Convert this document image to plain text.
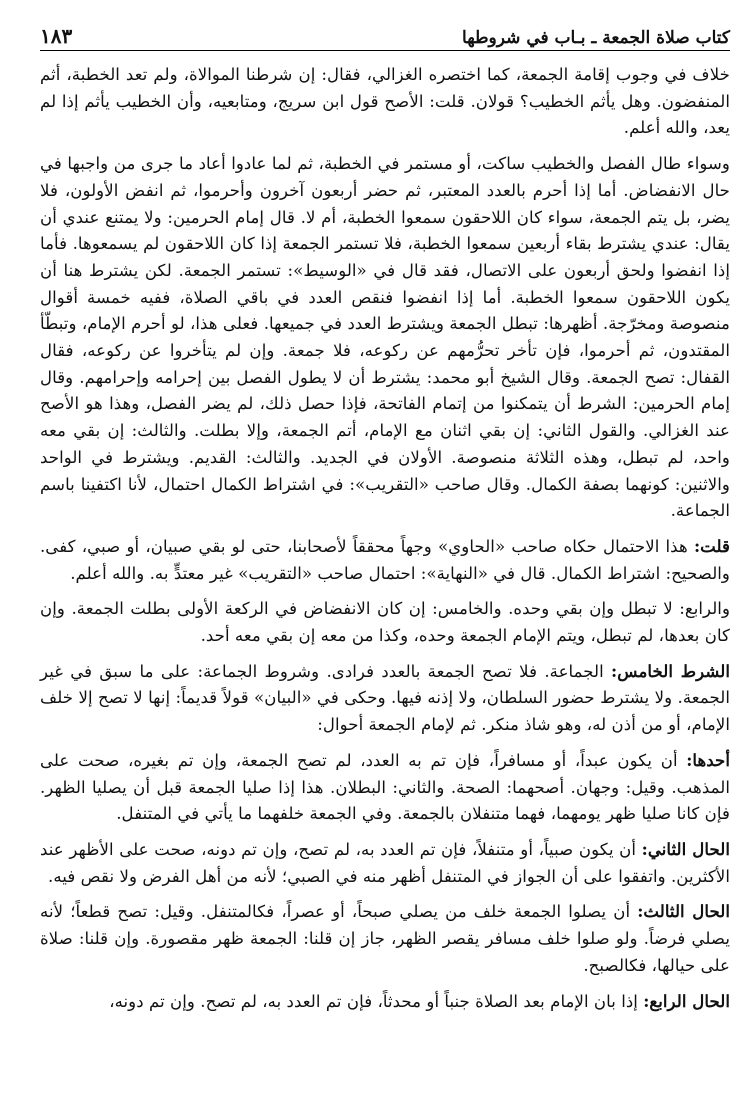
كتاب صلاة الجمعة ـ بـاب في شروطها
١٨٣

خلاف في وجوب إقامة الجمعة، كما اختصره الغزالي، فقال: إن شرطنا الموالاة، ولم تعد الخطبة، أثم المنفضون. وهل يأثم الخطيب؟ قولان. قلت: الأصح قول ابن سريج، ومتابعيه، وأن الخطيب يأثم إذا لم يعد، والله أعلم.

وسواء طال الفصل والخطيب ساكت، أو مستمر في الخطبة، ثم لما عادوا أعاد ما جرى من واجبها في حال الانفضاض. أما إذا أحرم بالعدد المعتبر، ثم حضر أربعون آخرون وأحرموا، ثم انفض الأولون، فلا يضر، بل يتم الجمعة، سواء كان اللاحقون سمعوا الخطبة، أم لا. قال إمام الحرمين: ولا يمتنع عندي أن يقال: عندي يشترط بقاء أربعين سمعوا الخطبة، فلا تستمر الجمعة إذا كان اللاحقون لم يسمعوها. فأما إذا انفضوا ولحق أربعون على الاتصال، فقد قال في «الوسيط»: تستمر الجمعة. لكن يشترط هنا أن يكون اللاحقون سمعوا الخطبة. أما إذا انفضوا فنقص العدد في باقي الصلاة، ففيه خمسة أقوال منصوصة ومخرّجة. أظهرها: تبطل الجمعة ويشترط العدد في جميعها. فعلى هذا، لو أحرم الإمام، وتبطّأ المقتدون، ثم أحرموا، فإن تأخر تحرُّمهم عن ركوعه، فلا جمعة. وإن لم يتأخروا عن ركوعه، فقال القفال: تصح الجمعة. وقال الشيخ أبو محمد: يشترط أن لا يطول الفصل بين إحرامه وإحرامهم. وقال إمام الحرمين: الشرط أن يتمكنوا من إتمام الفاتحة، فإذا حصل ذلك، لم يضر الفصل، وهذا هو الأصح عند الغزالي. والقول الثاني: إن بقي اثنان مع الإمام، أتم الجمعة، وإلا بطلت. والثالث: إن بقي معه واحد، لم تبطل، وهذه الثلاثة منصوصة. الأولان في الجديد. والثالث: القديم. ويشترط في الواحد والاثنين: كونهما بصفة الكمال. وقال صاحب «التقريب»: في اشتراط الكمال احتمال، لأنا اكتفينا باسم الجماعة.

قلت: هذا الاحتمال حكاه صاحب «الحاوي» وجهاً محققاً لأصحابنا، حتى لو بقي صبيان، أو صبي، كفى. والصحيح: اشتراط الكمال. قال في «النهاية»: احتمال صاحب «التقريب» غير معتدٍّ به. والله أعلم.

والرابع: لا تبطل وإن بقي وحده. والخامس: إن كان الانفضاض في الركعة الأولى بطلت الجمعة. وإن كان بعدها، لم تبطل، ويتم الإمام الجمعة وحده، وكذا من معه إن بقي معه أحد.

الشرط الخامس: الجماعة. فلا تصح الجمعة بالعدد فرادى. وشروط الجماعة: على ما سبق في غير الجمعة. ولا يشترط حضور السلطان، ولا إذنه فيها. وحكى في «البيان» قولاً قديماً: إنها لا تصح إلا خلف الإمام، أو من أذن له، وهو شاذ منكر. ثم لإمام الجمعة أحوال:

أحدها: أن يكون عبداً، أو مسافراً، فإن تم به العدد، لم تصح الجمعة، وإن تم بغيره، صحت على المذهب. وقيل: وجهان. أصحهما: الصحة. والثاني: البطلان. هذا إذا صليا الجمعة قبل أن يصليا الظهر. فإن كانا صليا ظهر يومهما، فهما متنفلان بالجمعة. وفي الجمعة خلفهما ما يأتي في المتنفل.

الحال الثاني: أن يكون صبياً، أو متنفلاً، فإن تم العدد به، لم تصح، وإن تم دونه، صحت على الأظهر عند الأكثرين. واتفقوا على أن الجواز في المتنفل أظهر منه في الصبي؛ لأنه من أهل الفرض ولا نقص فيه.

الحال الثالث: أن يصلوا الجمعة خلف من يصلي صبحاً، أو عصراً، فكالمتنفل. وقيل: تصح قطعاً؛ لأنه يصلي فرضاً. ولو صلوا خلف مسافر يقصر الظهر، جاز إن قلنا: الجمعة ظهر مقصورة. وإن قلنا: صلاة على حيالها، فكالصبح.

الحال الرابع: إذا بان الإمام بعد الصلاة جنباً أو محدثاً، فإن تم العدد به، لم تصح. وإن تم دونه،
